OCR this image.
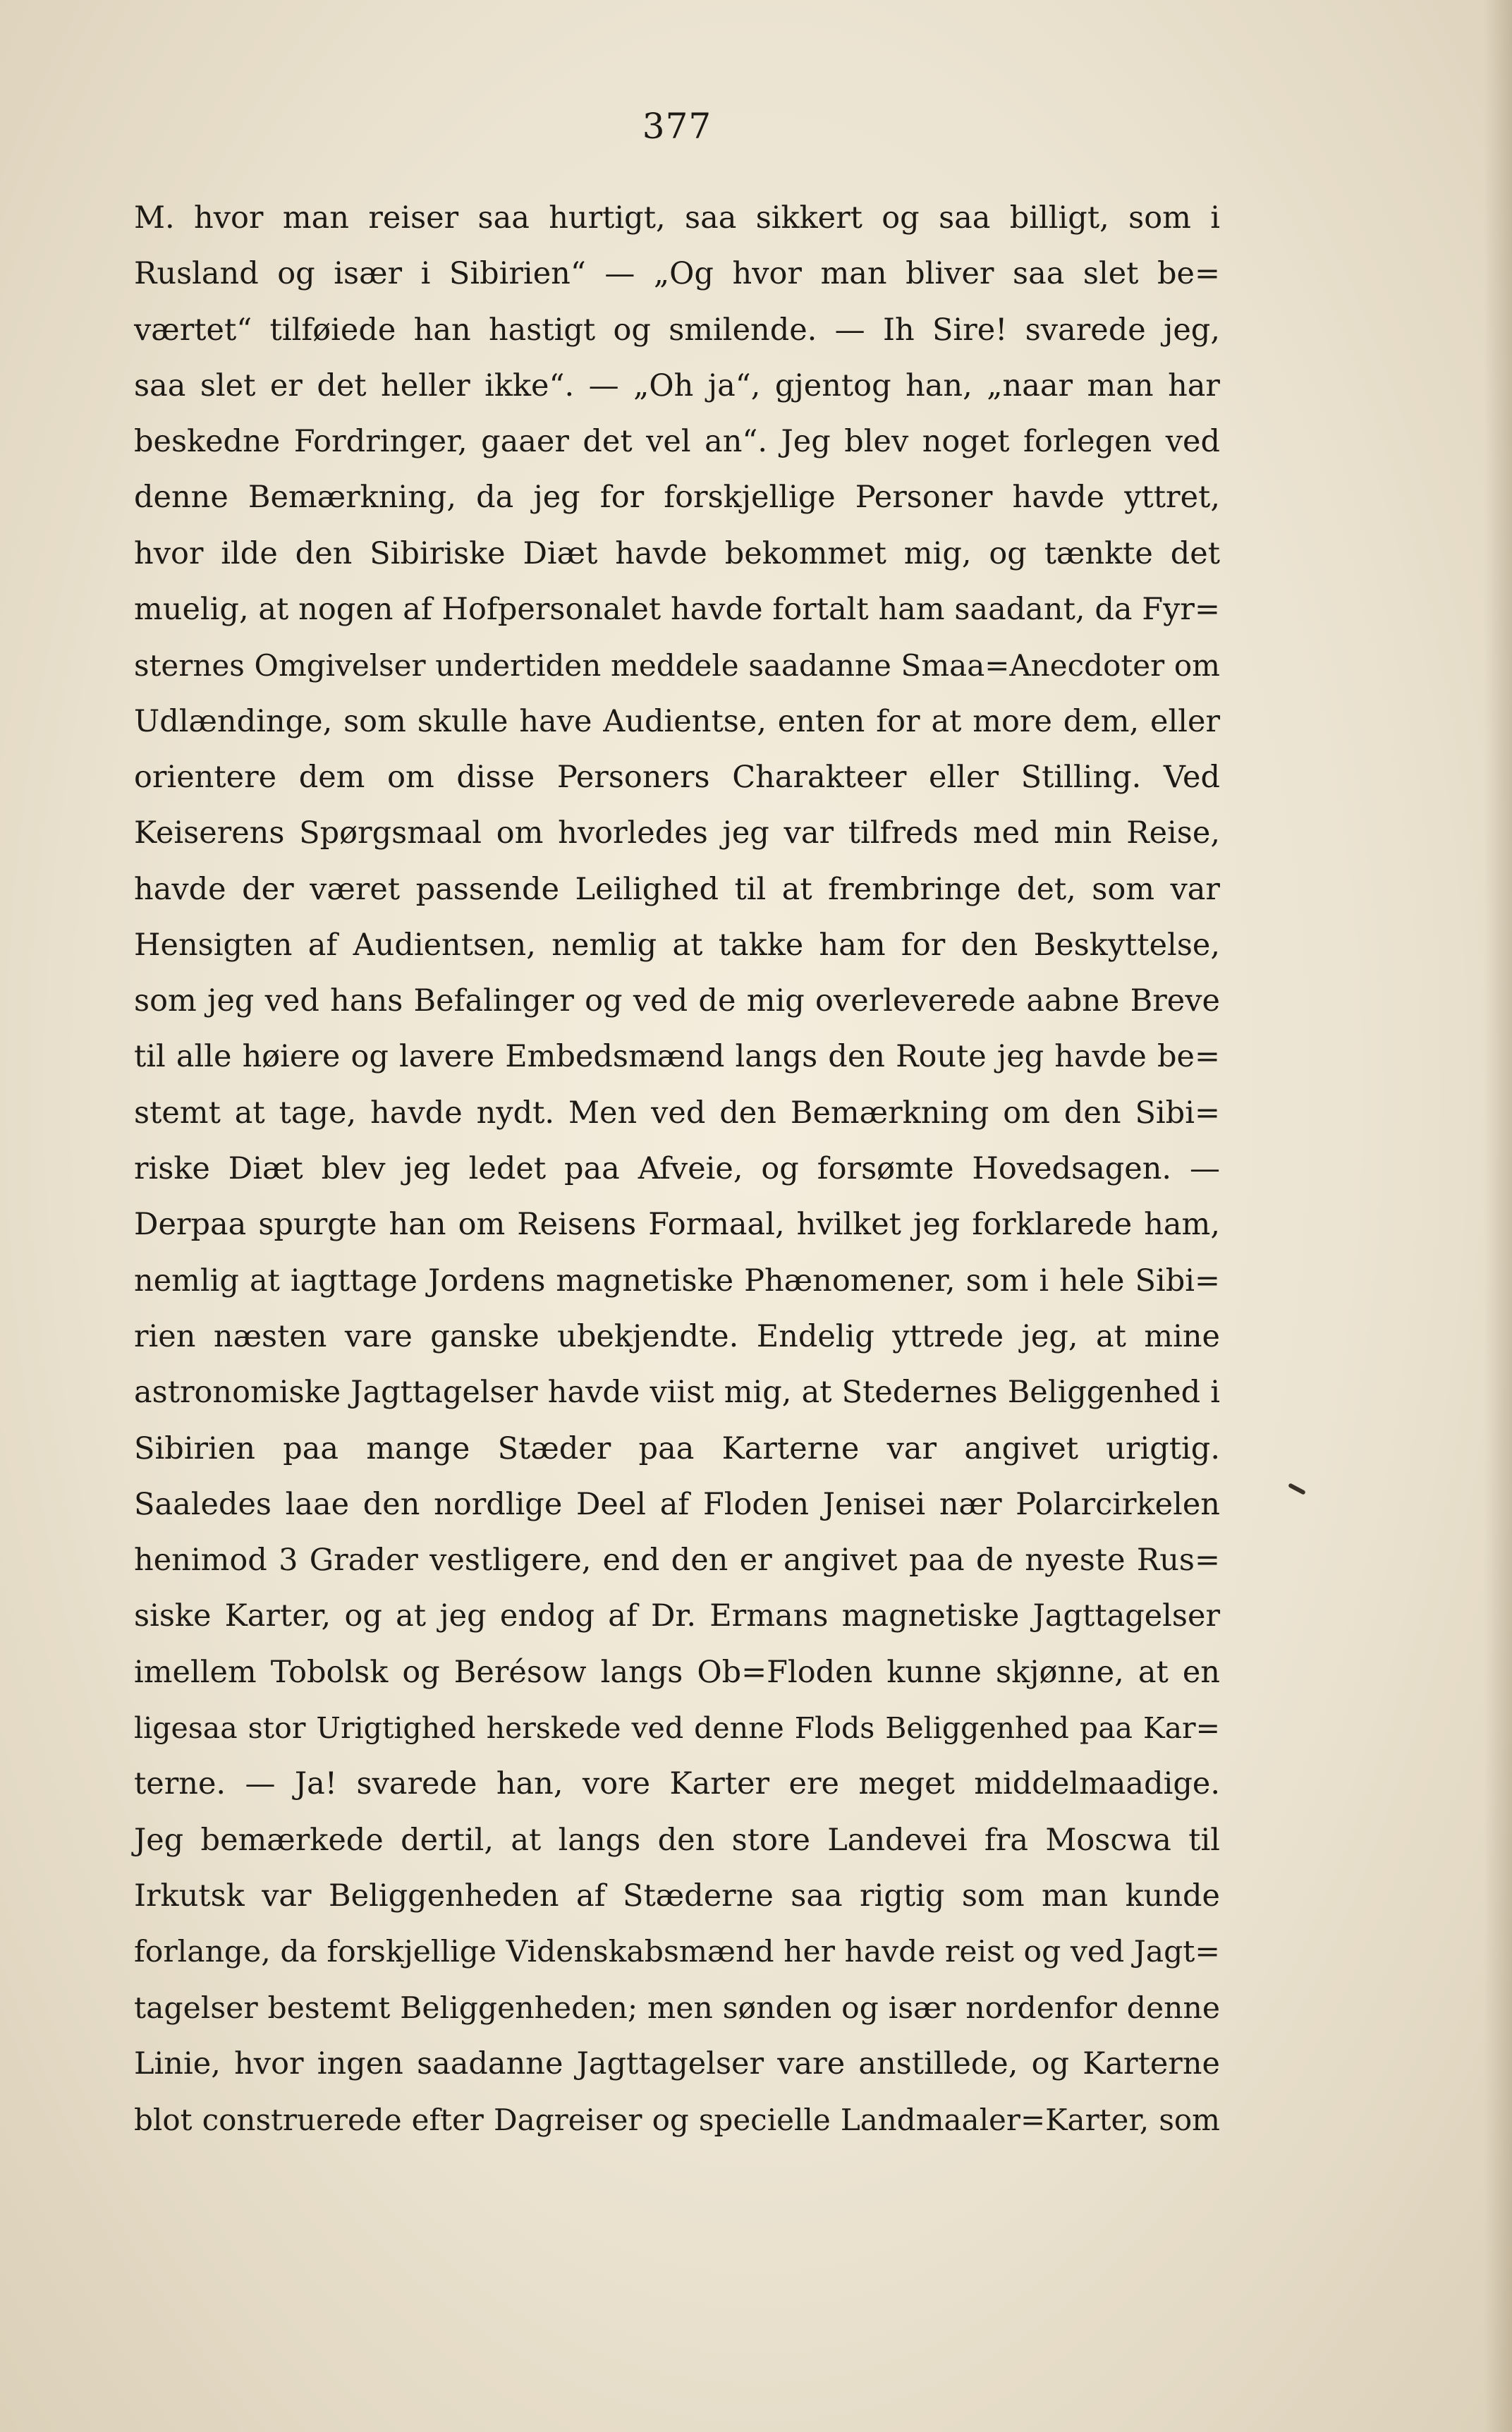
377
M. hvor man reiser saa hurtigt, saa sikkert og saa billigt, som i
Rusland og især i Sibirien“ — „Og hvor man bliver saa slet be=
værtet“ tilføiede han hastigt og smilende. — Ih Sire! svarede jeg,
saa slet er det heller ikke“. — „Oh ja“, gjentog han, „naar man har
beskedne Fordringer, gaaer det vel an“. Jeg blev noget forlegen ved
denne Bemærkning, da jeg for forskjellige Personer havde yttret,
hvor ilde den Sibiriske Diæt havde bekommet mig, og tænkte det
muelig, at nogen af Hofpersonalet havde fortalt ham saadant, da Fyr=
sternes Omgivelser undertiden meddele saadanne Smaa=Anecdoter om
Udlændinge, som skulle have Audientse, enten for at more dem, eller
orientere dem om disse Personers Charakteer eller Stilling. Ved
Keiserens Spørgsmaal om hvorledes jeg var tilfreds med min Reise,
havde der været passende Leilighed til at frembringe det, som var
Hensigten af Audientsen, nemlig at takke ham for den Beskyttelse,
som jeg ved hans Befalinger og ved de mig overleverede aabne Breve
til alle høiere og lavere Embedsmænd langs den Route jeg havde be=
stemt at tage, havde nydt. Men ved den Bemærkning om den Sibi=
riske Diæt blev jeg ledet paa Afveie, og forsømte Hovedsagen. —
Derpaa spurgte han om Reisens Formaal, hvilket jeg forklarede ham,
nemlig at iagttage Jordens magnetiske Phænomener, som i hele Sibi=
rien næsten vare ganske ubekjendte. Endelig yttrede jeg, at mine
astronomiske Jagttagelser havde viist mig, at Stedernes Beliggenhed i
Sibirien paa mange Stæder paa Karterne var angivet urigtig.
Saaledes laae den nordlige Deel af Floden Jenisei nær Polarcirkelen
henimod 3 Grader vestligere, end den er angivet paa de nyeste Rus=
siske Karter, og at jeg endog af Dr. Ermans magnetiske Jagttagelser
imellem Tobolsk og Berésow langs Ob=Floden kunne skjønne, at en
ligesaa stor Urigtighed herskede ved denne Flods Beliggenhed paa Kar=
terne. — Ja! svarede han, vore Karter ere meget middelmaadige.
Jeg bemærkede dertil, at langs den store Landevei fra Moscwa til
Irkutsk var Beliggenheden af Stæderne saa rigtig som man kunde
forlange, da forskjellige Videnskabsmænd her havde reist og ved Jagt=
tagelser bestemt Beliggenheden; men sønden og især nordenfor denne
Linie, hvor ingen saadanne Jagttagelser vare anstillede, og Karterne
blot construerede efter Dagreiser og specielle Landmaaler=Karter, som
